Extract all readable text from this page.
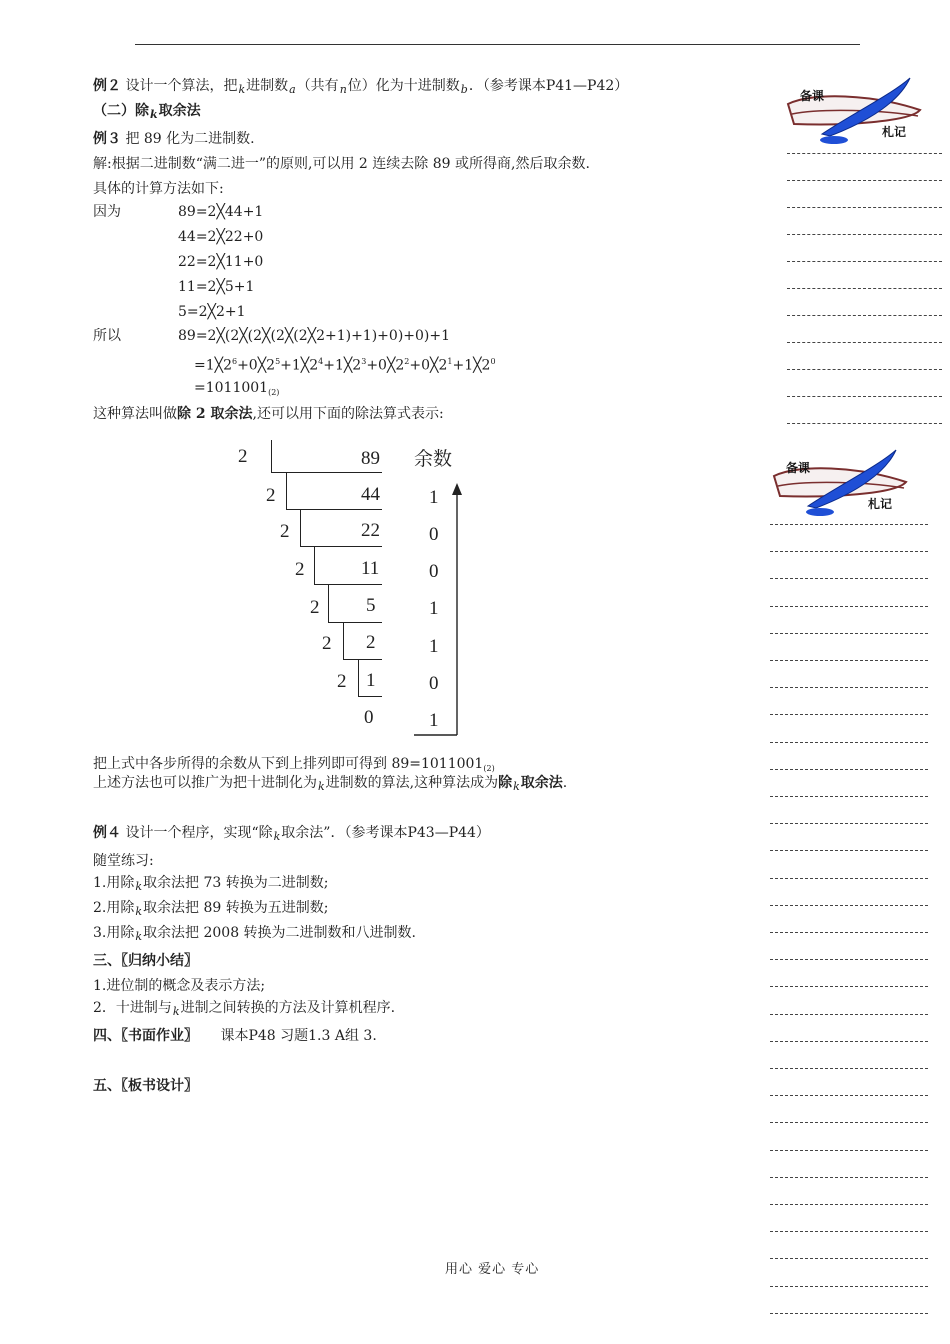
例２ 设计一个算法，把$_k$进制数$_a$（共有$_n$位）化为十进制数$_b$．（参考课本P41—P42）
（二）除$_k$取余法
例３ 把 89 化为二进制数.
解:根据二进制数“满二进一”的原则,可以用 2 连续去除 89 或所得商,然后取余数.
具体的计算方法如下:
因为	89=2╳44+1
44=2╳22+0
22=2╳11+0
11=2╳5+1
5=2╳2+1
所以	89=2╳(2╳(2╳(2╳(2╳2+1)+1)+0)+0)+1
$=1╳2^6+0╳2^5+1╳2^4+1╳2^3+0╳2^2+0╳2^1+1╳2^0$
$=1011001_{(2)}$
这种算法叫做除 2 取余法,还可以用下面的除法算式表示:
2
2
2
2
2
2
2
89
44
22
11
5
2
1
0
余数
1
0
0
1
1
0
1
把上式中各步所得的余数从下到上排列即可得到 $89=1011001_{(2)}$
上述方法也可以推广为把十进制化为$_k$进制数的算法,这种算法成为除$_k$取余法.
例４ 设计一个程序，实现“除$_k$取余法”．（参考课本P43—P44）
随堂练习:
1.用除$_k$取余法把 73 转换为二进制数;
2.用除$_k$取余法把 89 转换为五进制数;
3.用除$_k$取余法把 2008 转换为二进制数和八进制数.
三、〖归纳小结〗
1.进位制的概念及表示方法;
2．十进制与$_k$进制之间转换的方法及计算机程序.
四、〖书面作业〗 课本P48 习题1.3 A组 3.
五、〖板书设计〗
用心 爱心 专心
备课
札记
备课
札记
